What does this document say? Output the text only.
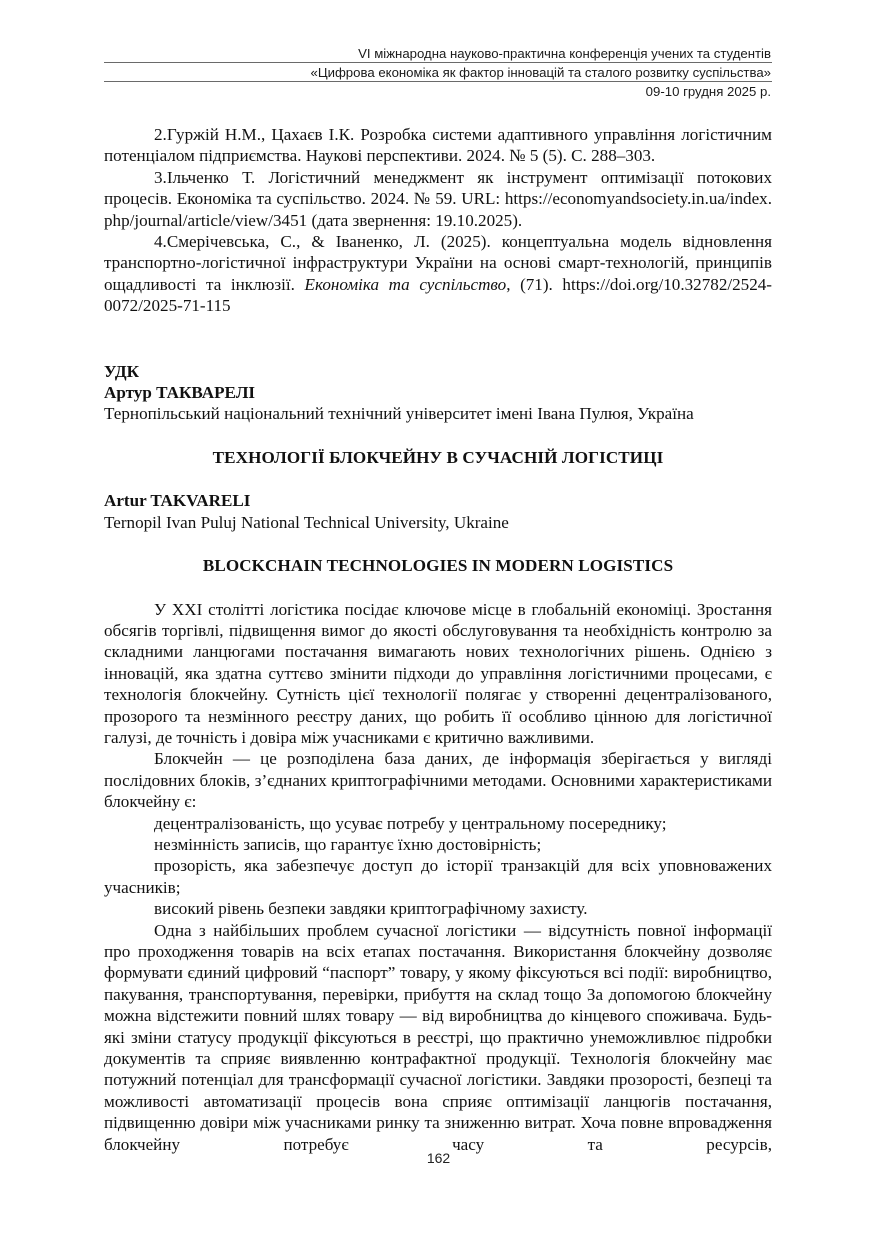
VI міжнародна науково-практична конференція учених та студентів
«Цифрова економіка як фактор інновацій та сталого розвитку суспільства»
09-10 грудня 2025 р.

2.Гуржій Н.М., Цахаєв І.К. Розробка системи адаптивного управління логістичним потенціалом підприємства. Наукові перспективи. 2024. № 5 (5). С. 288–303.

3.Ільченко Т. Логістичний менеджмент як інструмент оптимізації потокових процесів. Економіка та суспільство. 2024. № 59. URL: https://economyandsociety.in.ua/index. php/journal/article/view/3451 (дата звернення: 19.10.2025).

4.Смерічевська, С., & Іваненко, Л. (2025). концептуальна модель відновлення транспортно-логістичної інфраструктури України на основі смарт-технологій, принципів ощадливості та інклюзії. Економіка та суспільство, (71). https://doi.org/10.32782/2524-0072/2025-71-115

УДК
Артур ТАКВАРЕЛІ
Тернопільський національний технічний університет імені Івана Пулюя, Україна
ТЕХНОЛОГІЇ БЛОКЧЕЙНУ В СУЧАСНІЙ ЛОГІСТИЦІ
Artur TAKVARELI
Ternopil Ivan Puluj National Technical University, Ukraine
BLOCKCHAIN TECHNOLOGIES IN MODERN LOGISTICS

У XXI столітті логістика посідає ключове місце в глобальній економіці. Зростання обсягів торгівлі, підвищення вимог до якості обслуговування та необхідність контролю за складними ланцюгами постачання вимагають нових технологічних рішень. Однією з інновацій, яка здатна суттєво змінити підходи до управління логістичними процесами, є технологія блокчейну. Сутність цієї технології полягає у створенні децентралізованого, прозорого та незмінного реєстру даних, що робить її особливо цінною для логістичної галузі, де точність і довіра між учасниками є критично важливими.

Блокчейн — це розподілена база даних, де інформація зберігається у вигляді послідовних блоків, з’єднаних криптографічними методами. Основними характеристиками блокчейну є:

децентралізованість, що усуває потребу у центральному посереднику;

незмінність записів, що гарантує їхню достовірність;

прозорість, яка забезпечує доступ до історії транзакцій для всіх уповноважених учасників;

високий рівень безпеки завдяки криптографічному захисту.

Одна з найбільших проблем сучасної логістики — відсутність повної інформації про проходження товарів на всіх етапах постачання. Використання блокчейну дозволяє формувати єдиний цифровий “паспорт” товару, у якому фіксуються всі події: виробництво, пакування, транспортування, перевірки, прибуття на склад тощо За допомогою блокчейну можна відстежити повний шлях товару — від виробництва до кінцевого споживача. Будь-які зміни статусу продукції фіксуються в реєстрі, що практично унеможливлює підробки документів та сприяє виявленню контрафактної продукції. Технологія блокчейну має потужний потенціал для трансформації сучасної логістики. Завдяки прозорості, безпеці та можливості автоматизації процесів вона сприяє оптимізації ланцюгів постачання, підвищенню довіри між учасниками ринку та зниженню витрат. Хоча повне впровадження блокчейну потребує часу та ресурсів,

162
